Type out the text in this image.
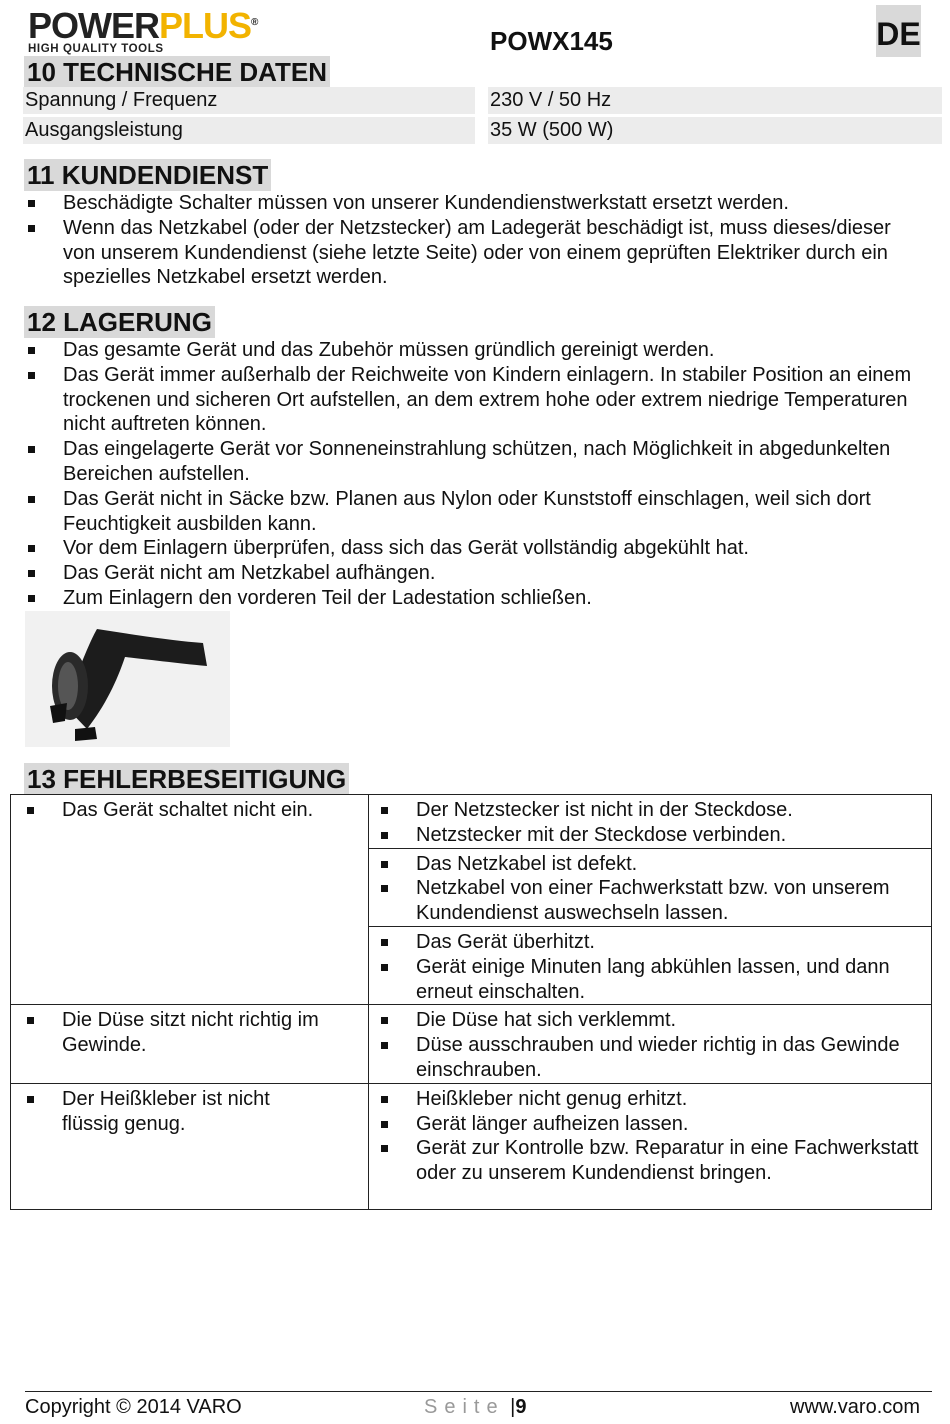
POWERPLUS®
HIGH QUALITY TOOLS	POWX145	DE
10 TECHNISCHE DATEN
Spannung / Frequenz	230 V / 50 Hz
Ausgangsleistung	35 W (500 W)
11 KUNDENDIENST
Beschädigte Schalter müssen von unserer Kundendienstwerkstatt ersetzt werden.
Wenn das Netzkabel (oder der Netzstecker) am Ladegerät beschädigt ist, muss dieses/dieser von unserem Kundendienst (siehe letzte Seite) oder von einem geprüften Elektriker durch ein spezielles Netzkabel ersetzt werden.
12 LAGERUNG
Das gesamte Gerät und das Zubehör müssen gründlich gereinigt werden.
Das Gerät immer außerhalb der Reichweite von Kindern einlagern. In stabiler Position an einem trockenen und sicheren Ort aufstellen, an dem extrem hohe oder extrem niedrige Temperaturen nicht auftreten können.
Das eingelagerte Gerät vor Sonneneinstrahlung schützen, nach Möglichkeit in abgedunkelten Bereichen aufstellen.
Das Gerät nicht in Säcke bzw. Planen aus Nylon oder Kunststoff einschlagen, weil sich dort Feuchtigkeit ausbilden kann.
Vor dem Einlagern überprüfen, dass sich das Gerät vollständig abgekühlt hat.
Das Gerät nicht am Netzkabel aufhängen.
Zum Einlagern den vorderen Teil der Ladestation schließen.
13 FEHLERBESEITIGUNG
Das Gerät schaltet nicht ein.	Der Netzstecker ist nicht in der Steckdose.
Netzstecker mit der Steckdose verbinden.

	Das Netzkabel ist defekt.
Netzkabel von einer Fachwerkstatt bzw. von unserem Kundendienst auswechseln lassen.

	Das Gerät überhitzt.
Gerät einige Minuten lang abkühlen lassen, und dann erneut einschalten.

Die Düse sitzt nicht richtig im Gewinde.	Die Düse hat sich verklemmt.
Düse ausschrauben und wieder richtig in das Gewinde einschrauben.

Der Heißkleber ist nicht flüssig genug.	Heißkleber nicht genug erhitzt.
Gerät länger aufheizen lassen.
Gerät zur Kontrolle bzw. Reparatur in eine Fachwerkstatt oder zu unserem Kundendienst bringen.
Copyright © 2014 VARO	Seite |9	www.varo.com
